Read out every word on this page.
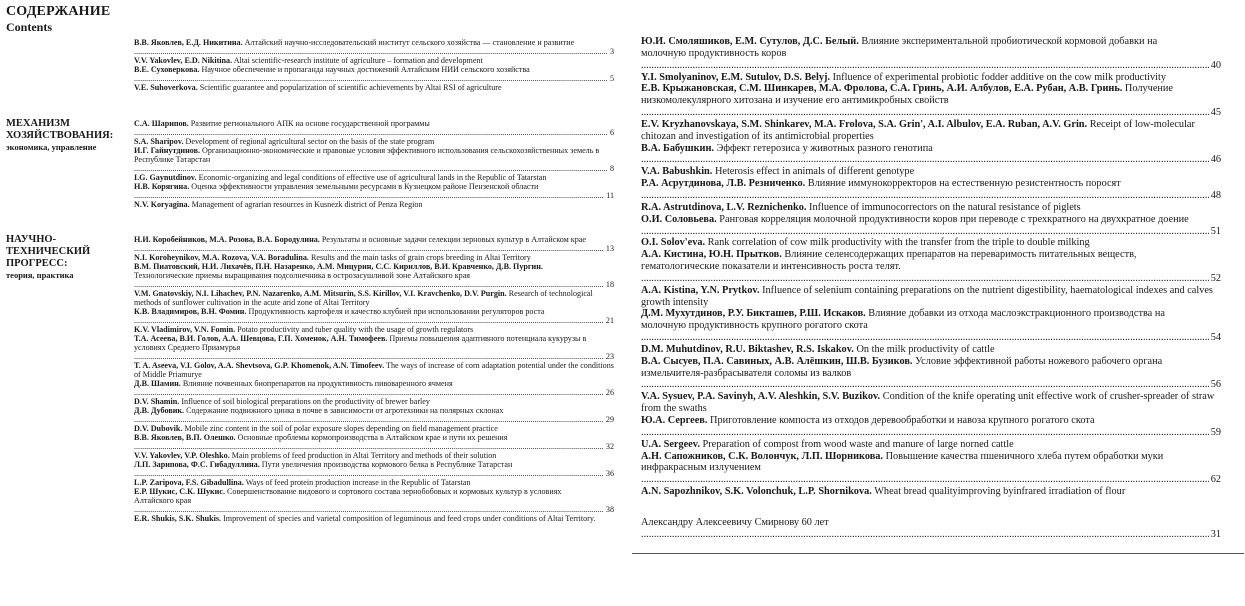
СОДЕРЖАНИЕ
Contents
МЕХАНИЗМ
ХОЗЯЙСТВОВАНИЯ:
экономика, управление
НАУЧНО-
ТЕХНИЧЕСКИЙ
ПРОГРЕСС:
теория, практика
В.В. Яковлев, Е.Д. Никитина. Алтайский научно-исследовательский институт сельского хозяйства — становление и развитие .....
3
V.V. Yakovlev, E.D. Nikitina. Altai scientific-research institute of agriculture – formation and development
В.Е. Суховеркова. Научное обеспечение и пропаганда научных достижений Алтайским НИИ сельского хозяйства .....
5
V.E. Suhoverkova. Scientific guarantee and popularization of scientific achievements by Altai RSI of agriculture
С.А. Шарипов. Развитие регионального АПК на основе государственной программы .....
6
S.A. Sharipov. Development of regional agricultural sector on the basis of the state program
И.Г. Гайнутдинов. Организационно-экономические и правовые условия эффективного использования сельскохозяйственных земель в Республике Татарстан .....
8
I.G. Gaynutdinov. Economic-organizing and legal conditions of effective use of agricultural lands in the Republic of Tatarstan
Н.В. Корягина. Оценка эффективности управления земельными ресурсами в Кузнецком районе Пензенской области .....
11
N.V. Koryagina. Management of agrarian resources in Kusnezk district of Penza Region
Н.И. Коробейников, М.А. Розова, В.А. Бородулина. Результаты и основные задачи селекции зерновых культур в Алтайском крае .....
13
N.I. Koroheynikov, M.A. Rozova, V.A. Boradulina. Results and the main tasks of grain crops breeding in Altai Territory
В.М. Пиатовский, Н.И. Лихачёв, П.Н. Назаренко, А.М. Мицурин, С.С. Кириллов, В.И. Кравченко, Д.В. Пургин. Технологические приемы выращивания подсолнечника в острозасушливой зоне Алтайского края .....
18
V.M. Gnatovskiy, N.I. Lihachev, P.N. Nazarenko, A.M. Mitsurin, S.S. Kirillov, V.I. Kravchenko, D.V. Purgin. Research of technological methods of sunflower cultivation in the acute arid zone of Altai Territory
К.В. Владимиров, В.Н. Фомин. Продуктивность картофеля и качество клубней при использовании регуляторов роста .....
21
K.V. Vladimirov, V.N. Fomin. Potato productivity and tuber quality with the usage of growth regulators
Т.А. Асеева, В.И. Голов, А.А. Шевцова, Г.П. Хоменок, А.Н. Тимофеев. Приемы повышения адаптивного потенциала кукурузы в условиях Среднего Приамурья .....
23
T. A. Aseeva, V.I. Golov, A.A. Shevtsova, G.P. Khomenok, A.N. Timofeev. The ways of increase of corn adaptation potential under the conditions of Middle Priamurye
Д.В. Шамин. Влияние почвенных биопрепаратов на продуктивность пивоваренного ячменя .....
26
D.V. Shamin. Influence of soil biological preparations on the productivity of brewer barley
Д.В. Дубовик. Содержание подвижного цинка в почве в зависимости от агротехники на полярных склонах .....
29
D.V. Dubovik. Mobile zinc content in the soil of polar exposure slopes depending on field management practice
В.В. Яковлев, В.П. Олешко. Основные проблемы кормопроизводства в Алтайском крае и пути их решения .....
32
V.V. Yakovlev, V.P. Oleshko. Main problems of feed production in Altai Territory and methods of their solution
Л.П. Зарипова, Ф.С. Гибадуллина. Пути увеличения производства кормового белка в Республике Татарстан .....
36
L.P. Zaripova, F.S. Gibadullina. Ways of feed protein production increase in the Republic of Tatarstan
Е.Р. Шукис, С.К. Шукис. Совершенствование видового и сортового состава зернобобовых и кормовых культур в условиях Алтайского края .....
38
E.R. Shukis, S.K. Shukis. Improvement of species and varietal composition of leguminous and feed crops under conditions of Altai Territory.
Ю.И. Смоляшиков, Е.М. Сутулов, Д.С. Белый. Влияние экспериментальной пробиотической кормовой добавки на молочную продуктивность коров .....
40
Y.I. Smolyaninov, E.M. Sutulov, D.S. Belyj. Influence of experimental probiotic fodder additive on the cow milk productivity
Е.В. Крыжановская, С.М. Шинкарев, М.А. Фролова, С.А. Гринь, А.И. Албулов, Е.А. Рубан, А.В. Гринь. Получение низкомолекулярного хитозана и изучение его антимикробных свойств .....
45
E.V. Kryzhanovskaya, S.M. Shinkarev, M.A. Frolova, S.A. Grin', A.I. Albulov, E.A. Ruban, A.V. Grin. Receipt of low-molecular chitozan and investigation of its antimicrobial properties
В.А. Бабушкин. Эффект гетерозиса у животных разного генотипа .....
46
V.A. Babushkin. Heterosis effect in animals of different genotype
Р.А. Асрутдинова, Л.В. Резниченко. Влияние иммунокорректоров на естественную резистентность поросят .....
48
R.A. Astrutdinova, L.V. Reznichenko. Influence of immunocorrectors on the natural resistance of piglets
О.И. Соловьева. Ранговая корреляция молочной продуктивности коров при переводе с трехкратного на двухкратное доение .....
51
O.I. Solov'eva. Rank correlation of cow milk productivity with the transfer from the triple to double milking
А.А. Кистина, Ю.Н. Прытков. Влияние селенсодержащих препаратов на переваримость питательных веществ, гематологические показатели и интенсивность роста телят. .....
52
A.A. Kistina, Y.N. Prytkov. Influence of selenium containing preparations on the nutrient digestibility, haematological indexes and calves growth intensity
Д.М. Мухутдинов, Р.У. Бикташев, Р.Ш. Искаков. Влияние добавки из отхода маслоэкстракционного производства на молочную продуктивность крупного рогатого скота .....
54
D.M. Muhutdinov, R.U. Biktashev, R.S. Iskakov. On the milk productivity of cattle
В.А. Сысуев, П.А. Савиных, А.В. Алёшкин, Ш.В. Бузиков. Условие эффективной работы ножевого рабочего органа измельчителя-разбрасывателя соломы из валков .....
56
V.A. Sysuev, P.A. Savinyh, A.V. Aleshkin, S.V. Buzikov. Condition of the knife operating unit effective work of crusher-spreader of straw from the swaths
Ю.А. Сергеев. Приготовление компоста из отходов деревообработки и навоза крупного рогатого скота .....
59
U.A. Sergeev. Preparation of compost from wood waste and manure of large norned cattle
А.Н. Сапожников, С.К. Волончук, Л.П. Шорникова. Повышение качества пшеничного хлеба путем обработки муки инфракрасным излучением .....
62
A.N. Sapozhnikov, S.K. Volonchuk, L.P. Shornikova. Wheat bread qualityimproving byinfrared irradiation of flour
Александру Алексеевичу Смирнову 60 лет .....
31
